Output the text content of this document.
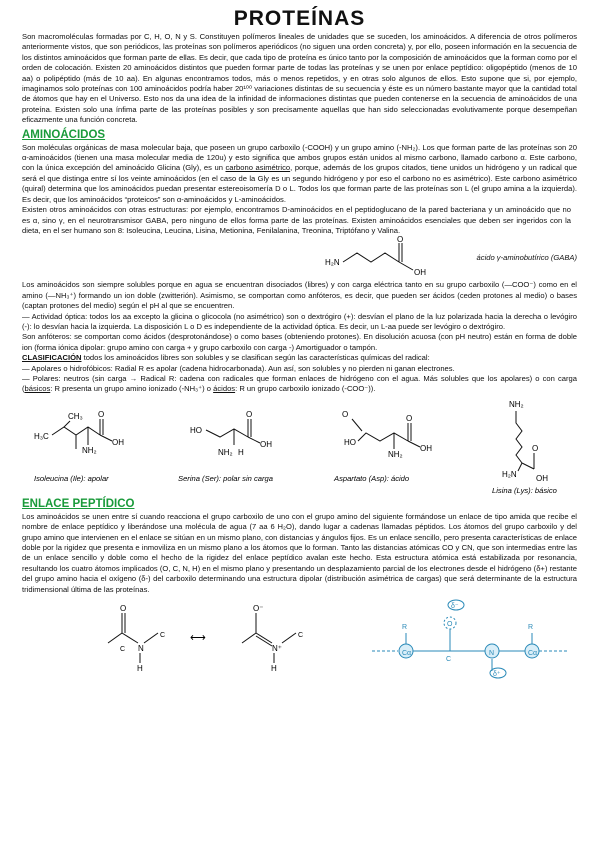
PROTEÍNAS

Son macromoléculas formadas por C, H, O, N y S. Constituyen polímeros lineales de unidades que se suceden, los aminoácidos. A diferencia de otros polímeros anteriormente vistos, que son periódicos, las proteínas son polímeros aperiódicos (no siguen una orden concreta) y, por ello, poseen información en la secuencia de los distintos aminoácidos que forman parte de ellas. Es decir, que cada tipo de proteína es único tanto por la composición de aminoácidos que la forman como por el orden de colocación. Existen 20 aminoácidos distintos que pueden formar parte de todas las proteínas y se unen por enlace peptídico: oligopéptido (menos de 10 aa) o polipéptido (más de 10 aa). En algunas encontramos todos, más o menos repetidos, y en otras solo algunos de ellos. Esto supone que si, por ejemplo, imaginamos solo proteínas con 100 aminoácidos podría haber 20¹⁰⁰ variaciones distintas de su secuencia y éste es un número bastante mayor que la cantidad total de átomos que hay en el Universo. Esto nos da una idea de la infinidad de informaciones distintas que pueden contenerse en la secuencia de aminoácidos de una proteína. Existen solo una ínfima parte de las proteínas posibles y son precisamente aquellas que han sido seleccionadas evolutivamente porque desempeñan eficazmente una función concreta.

AMINOÁCIDOS

Son moléculas orgánicas de masa molecular baja, que poseen un grupo carboxilo (-COOH) y un grupo amino (-NH₂). Los que forman parte de las proteínas son 20 α-aminoácidos (tienen una masa molecular media de 120u) y esto significa que ambos grupos están unidos al mismo carbono, llamado carbono α. Este carbono, con la única excepción del aminoácido Glicina (Gly), es un carbono asimétrico, porque, además de los grupos citados, tiene unidos un hidrógeno y un radical que será el que distinga entre sí los veinte aminoácidos (en el caso de la Gly es un segundo hidrógeno y por eso el carbono no es asimétrico). Este carbono asimétrico (quiral) determina que los aminoácidos puedan presentar estereoisomería D o L. Todos los que forman parte de las proteínas son L (el grupo amina a la izquierda). Es decir, que los aminoácidos “proteicos” son α-aminoácidos y L-aminoácidos.

Existen otros aminoácidos con otras estructuras: por ejemplo, encontramos D-aminoácidos en el peptidoglucano de la pared bacteriana y un aminoácido que no es α, sino γ, en el neurotransmisor GABA, pero ninguno de ellos forma parte de las proteínas. Existen aminoácidos esenciales que deben ser ingeridos con la dieta, en el ser humano son 8: Isoleucina, Leucina, Lisina, Metionina, Fenilalanina, Treonina, Triptófano y Valina.

H₂N
O
OH
ácido γ-aminobutírico (GABA)

Los aminoácidos son siempre solubles porque en agua se encuentran disociados (libres) y con carga eléctrica tanto en su grupo carboxilo (—COO⁻) como en el amino (—NH₃⁺) formando un ion doble (zwitterión). Asimismo, se comportan como anfóteros, es decir, que pueden ser ácidos (ceden protones al medio) o bases (captan protones del medio) según el pH al que se encuentren.

— Actividad óptica: todos los aa excepto la glicina o glicocola (no asimétrico) son o dextrógiro (+): desvían el plano de la luz polarizada hacia la derecha o levógiro (-): lo desvían hacia la izquierda. La disposición L o D es independiente de la actividad óptica. Es decir, un L-aa puede ser levógiro o dextrógiro.

Son anfóteros: se comportan como ácidos (desprotonándose) o como bases (obteniendo protones). En disolución acuosa (con pH neutro) están en forma de doble ion (forma iónica dipolar: grupo amino con carga + y grupo carboxilo con carga -) Amortiguador o tampón.

CLASIFICACIÓN todos los aminoácidos libres son solubles y se clasifican según las características químicas del radical:

— Apolares o hidrofóbicos: Radial R es apolar (cadena hidrocarbonada). Aun así, son solubles y no pierden ni ganan electrones.

— Polares: neutros (sin carga → Radical R: cadena con radicales que forman enlaces de hidrógeno con el agua. Más solubles que los apolares) o con carga (básicos: R presenta un grupo amino ionizado (-NH₃⁺) o ácidos: R un grupo carboxilo ionizado (-COO⁻)).

H₃C
CH₃
NH₂
O
OH
HO
O
OH
NH₂ H
O
HO
NH₂
O
OH
NH₂
H₂N
O
OH
Isoleucina (Ile): apolar	Serina (Ser): polar sin carga	Aspartato (Asp): ácido
Lisina (Lys): básico
ENLACE PEPTÍDICO

Los aminoácidos se unen entre sí cuando reacciona el grupo carboxilo de uno con el grupo amino del siguiente formándose un enlace de tipo amida que recibe el nombre de enlace peptídico y liberándose una molécula de agua (7 aa 6 H₂O), dando lugar a cadenas llamadas péptidos. Los átomos del grupo carboxilo y del grupo amino que intervienen en el enlace se sitúan en un mismo plano, con distancias y ángulos fijos. Es un enlace sencillo, pero presenta características de enlace doble por la rigidez que presenta e inmoviliza en un mismo plano a los átomos que lo forman. Tanto las distancias atómicas CO y CN, que son intermedias entre las de un enlace sencillo y doble como el hecho de la rigidez del enlace peptídico avalan este hecho. Esta estructura atómica está estabilizada por resonancia, resultando los cuatro átomos implicados (O, C, N, H) en el mismo plano y presentando un desplazamiento parcial de los electrones desde el hidrógeno (δ+) restante del grupo amino hacia el oxígeno (δ-) del carboxilo determinando una estructura dipolar (distribución asimétrica de cargas) que será determinante de la estructura tridimensional última de las proteínas.

C
O
N
H
C ⟷
O⁻
N⁺
H
C
R
Cα
O
δ⁻
C
N
δ⁺
R
Cα
